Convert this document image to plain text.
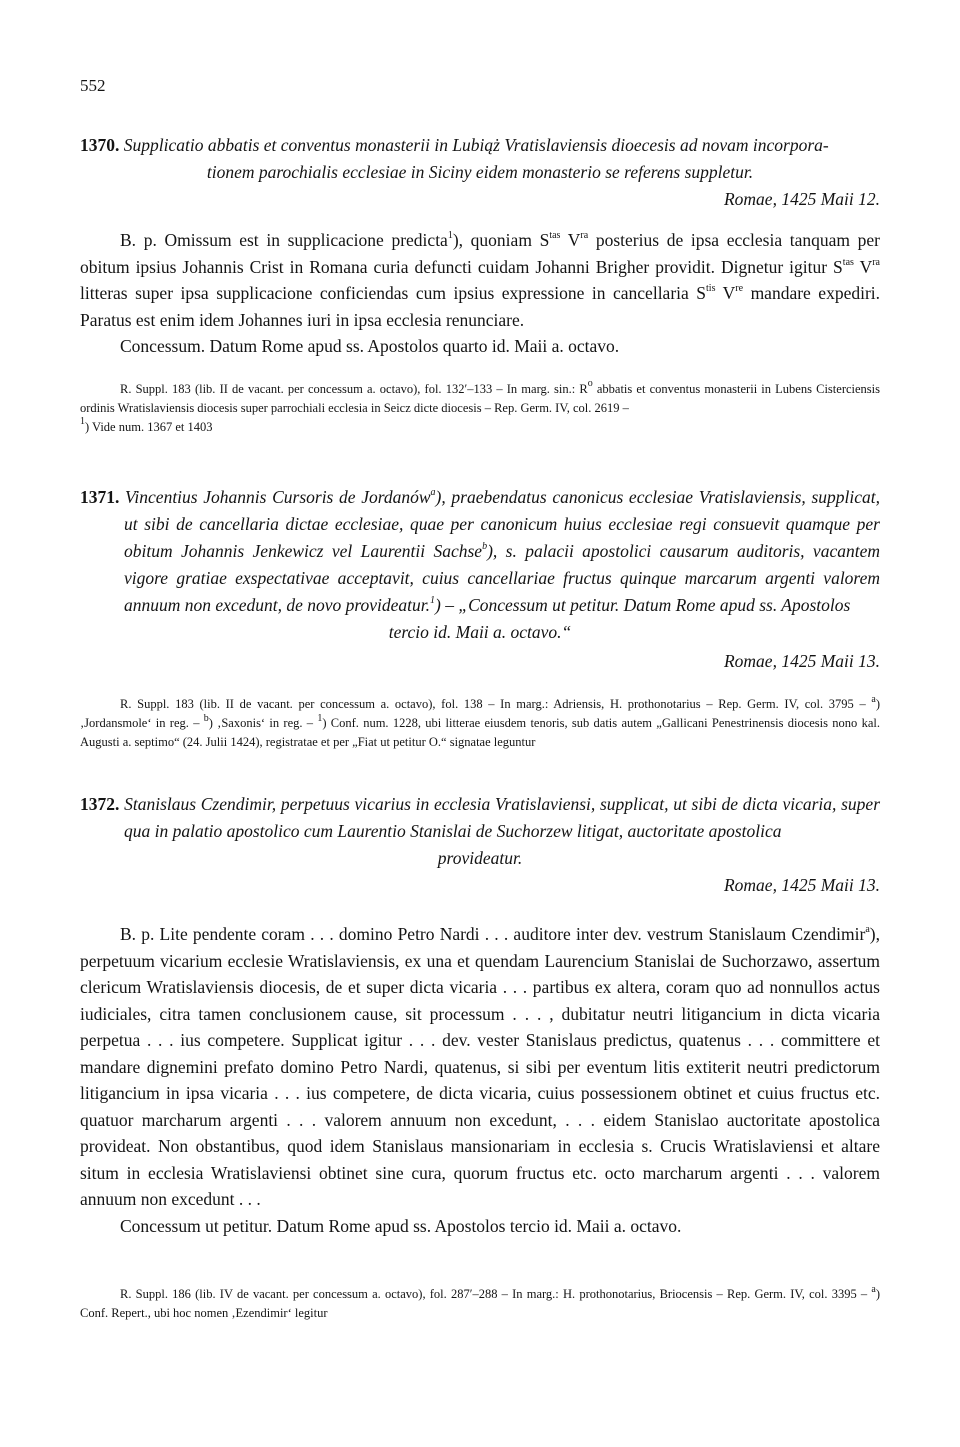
552
1370. Supplicatio abbatis et conventus monasterii in Lubiąż Vratislaviensis dioecesis ad novam incorpora-
tionem parochialis ecclesiae in Siciny eidem monasterio se referens suppletur.
Romae, 1425 Maii 12.

B. p. Omissum est in supplicacione predicta$^1$), quoniam $S^{tas}$ $V^{ra}$ posterius de ipsa ecclesia tanquam per obitum ipsius Johannis Crist in Romana curia defuncti cuidam Johanni Brigher providit. Dignetur igitur $S^{tas}$ $V^{ra}$ litteras super ipsa supplicacione conficiendas cum ipsius expressione in cancellaria $S^{tis}$ Vre mandare expediri. Paratus est enim idem Johannes iuri in ipsa ecclesia renunciare.

Concessum. Datum Rome apud ss. Apostolos quarto id. Maii a. octavo.

R. Suppl. 183 (lib. II de vacant. per concessum a. octavo), fol. 132′–133 – In marg. sin.: $R^o$ abbatis et conventus monasterii in Lubens Cisterciensis ordinis Wratislaviensis diocesis super parrochiali ecclesia in Seicz dicte diocesis – Rep. Germ. IV, col. 2619 –
$^1$) Vide num. 1367 et 1403
1371. Vincentius Johannis Cursoris de Jordanów$^a$), praebendatus canonicus ecclesiae Vratislaviensis, supplicat, ut sibi de cancellaria dictae ecclesiae, quae per canonicum huius ecclesiae regi consuevit quamque per obitum Johannis Jenkewicz vel Laurentii Sachse$^b$), s. palacii apostolici causarum auditoris, vacantem vigore gratiae exspectativae acceptavit, cuius cancellariae fructus quinque marcarum argenti valorem annuum non excedunt, de novo provideatur.$^1$) – „Concessum ut petitur. Datum Rome apud ss. Apostolos
tercio id. Maii a. octavo.“
Romae, 1425 Maii 13.
R. Suppl. 183 (lib. II de vacant. per concessum a. octavo), fol. 138 – In marg.: Adriensis, H. prothonotarius – Rep. Germ. IV, col. 3795 – $^a$) ‚Jordansmole‘ in reg. – $^b$) ‚Saxonis‘ in reg. – $^1$) Conf. num. 1228, ubi litterae eiusdem tenoris, sub datis autem „Gallicani Penestrinensis diocesis nono kal. Augusti a. septimo“ (24. Julii 1424), registratae et per „Fiat ut petitur O.“ signatae leguntur
1372. Stanislaus Czendimir, perpetuus vicarius in ecclesia Vratislaviensi, supplicat, ut sibi de dicta vicaria, super qua in palatio apostolico cum Laurentio Stanislai de Suchorzew litigat, auctoritate apostolica
provideatur.
Romae, 1425 Maii 13.

B. p. Lite pendente coram . . . domino Petro Nardi . . . auditore inter dev. vestrum Stanislaum Czendimir$^a$), perpetuum vicarium ecclesie Wratislaviensis, ex una et quendam Laurencium Stanislai de Suchorzawo, assertum clericum Wratislaviensis diocesis, de et super dicta vicaria . . . partibus ex altera, coram quo ad nonnullos actus iudiciales, citra tamen conclusionem cause, sit processum . . . , dubitatur neutri litigancium in dicta vicaria perpetua . . . ius competere. Supplicat igitur . . . dev. vester Stanislaus predictus, quatenus . . . committere et mandare dignemini prefato domino Petro Nardi, quatenus, si sibi per eventum litis extiterit neutri predictorum litigancium in ipsa vicaria . . . ius competere, de dicta vicaria, cuius possessionem obtinet et cuius fructus etc. quatuor marcharum argenti . . . valorem annuum non excedunt, . . . eidem Stanislao auctoritate apostolica provideat. Non obstantibus, quod idem Stanislaus mansionariam in ecclesia s. Crucis Wratislaviensi et altare situm in ecclesia Wratislaviensi obtinet sine cura, quorum fructus etc. octo marcharum argenti . . . valorem annuum non excedunt . . .

Concessum ut petitur. Datum Rome apud ss. Apostolos tercio id. Maii a. octavo.

R. Suppl. 186 (lib. IV de vacant. per concessum a. octavo), fol. 287′–288 – In marg.: H. prothonotarius, Briocensis – Rep. Germ. IV, col. 3395 – $^a$) Conf. Repert., ubi hoc nomen ‚Ezendimir‘ legitur
